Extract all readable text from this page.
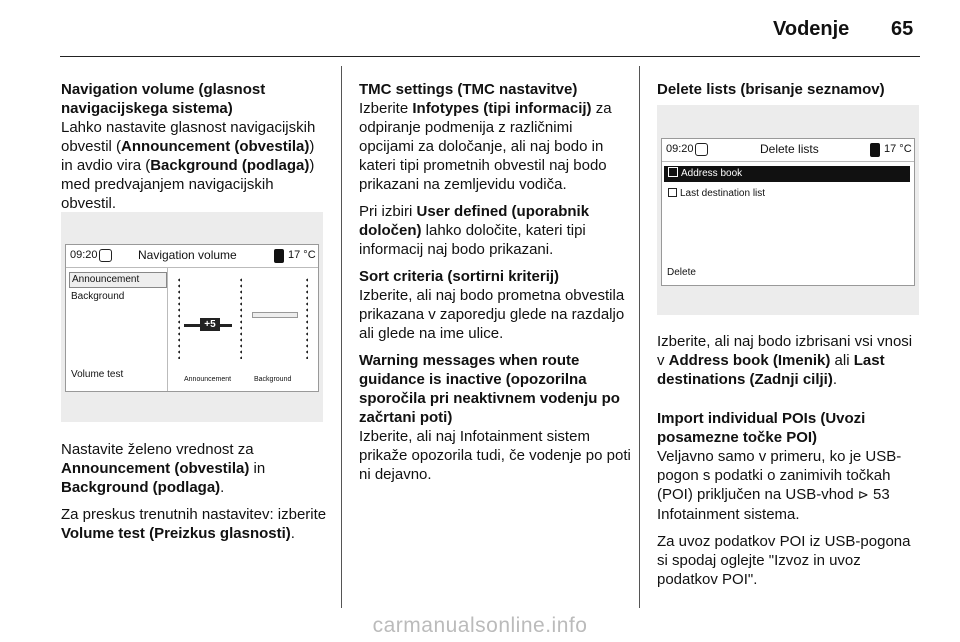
Vodenje 65

Navigation volume (glasnost navigacijskega sistema)

Lahko nastavite glasnost navigacijskih obvestil (Announcement (obvestila)) in avdio vira (Background (podlaga)) med predvajanjem navigacijskih obvestil.

09:20	Navigation volume	17 °C
Announcement
Background
Volume test
+5
Announcement	Background

Nastavite želeno vrednost za Announcement (obvestila) in Background (podlaga).

Za preskus trenutnih nastavitev: izberite Volume test (Preizkus glasnosti).

TMC settings (TMC nastavitve)

Izberite Infotypes (tipi informacij) za odpiranje podmenija z različnimi opcijami za določanje, ali naj bodo in kateri tipi prometnih obvestil naj bodo prikazani na zemljevidu vodiča.

Pri izbiri User defined (uporabnik določen) lahko določite, kateri tipi informacij naj bodo prikazani.

Sort criteria (sortirni kriterij)

Izberite, ali naj bodo prometna obvestila prikazana v zaporedju glede na razdaljo ali glede na ime ulice.

Warning messages when route guidance is inactive (opozorilna sporočila pri neaktivnem vodenju po začrtani poti)

Izberite, ali naj Infotainment sistem prikaže opozorila tudi, če vodenje po poti ni dejavno.

Delete lists (brisanje seznamov)

09:20	Delete lists	17 °C
Address book
Last destination list
Delete

Izberite, ali naj bodo izbrisani vsi vnosi v Address book (Imenik) ali Last destinations (Zadnji cilji).

Import individual POIs (Uvozi posamezne točke POI)

Veljavno samo v primeru, ko je USB-pogon s podatki o zanimivih točkah (POI) priključen na USB-vhod ⊳ 53 Infotainment sistema.

Za uvoz podatkov POI iz USB-pogona si spodaj oglejte "Izvoz in uvoz podatkov POI".

carmanualsonline.info
